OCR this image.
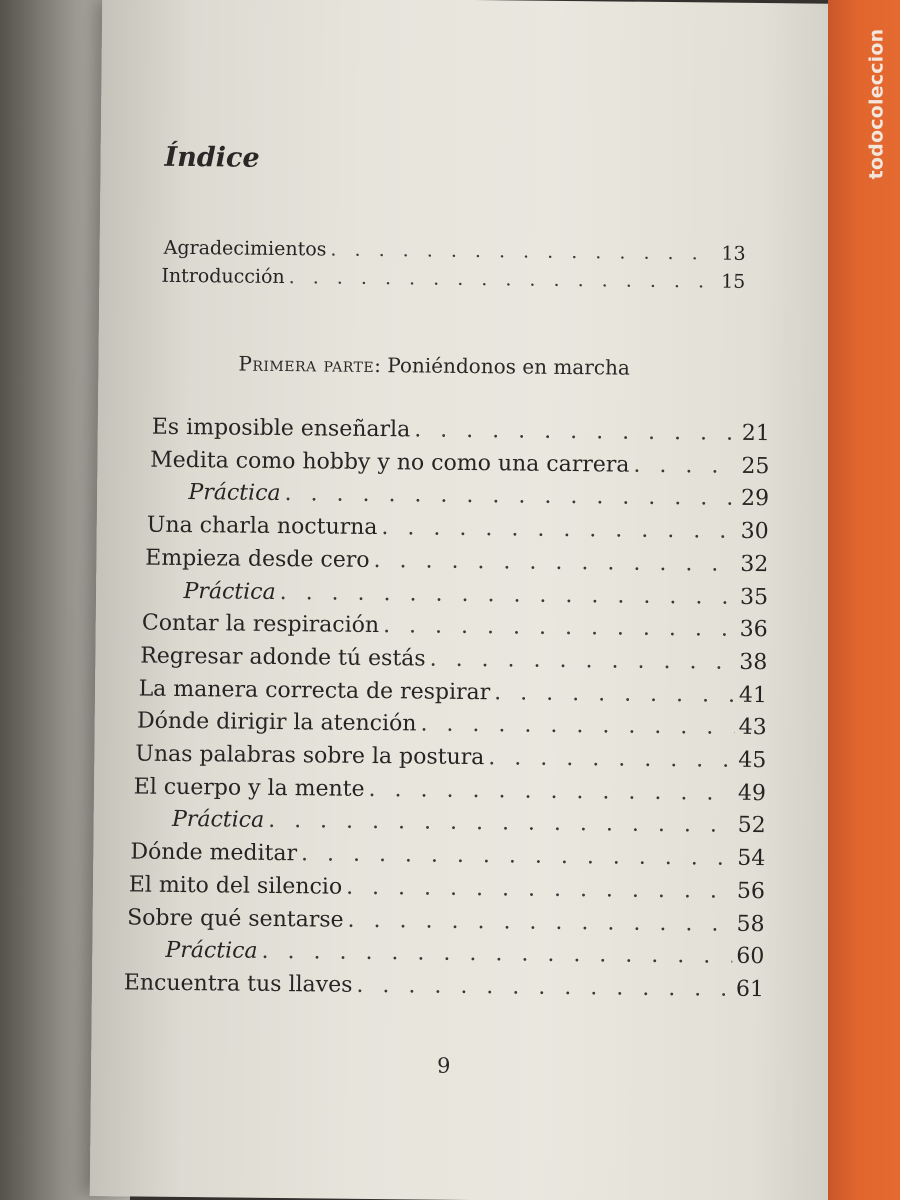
Índice
Agradecimientos . . .	13
Introducción . . .	15
Primera parte: Poniéndonos en marcha
Es imposible enseñarla . . .	21
Medita como hobby y no como una carrera . . .	25
Práctica . . .	29
Una charla nocturna . . .	30
Empieza desde cero . . .	32
Práctica . . .	35
Contar la respiración . . .	36
Regresar adonde tú estás . . .	38
La manera correcta de respirar . . .	41
Dónde dirigir la atención . . .	43
Unas palabras sobre la postura . . .	45
El cuerpo y la mente . . .	49
Práctica . . .	52
Dónde meditar . . .	54
El mito del silencio . . .	56
Sobre qué sentarse . . .	58
Práctica . . .	60
Encuentra tus llaves . . .	61
9
todocoleccion
